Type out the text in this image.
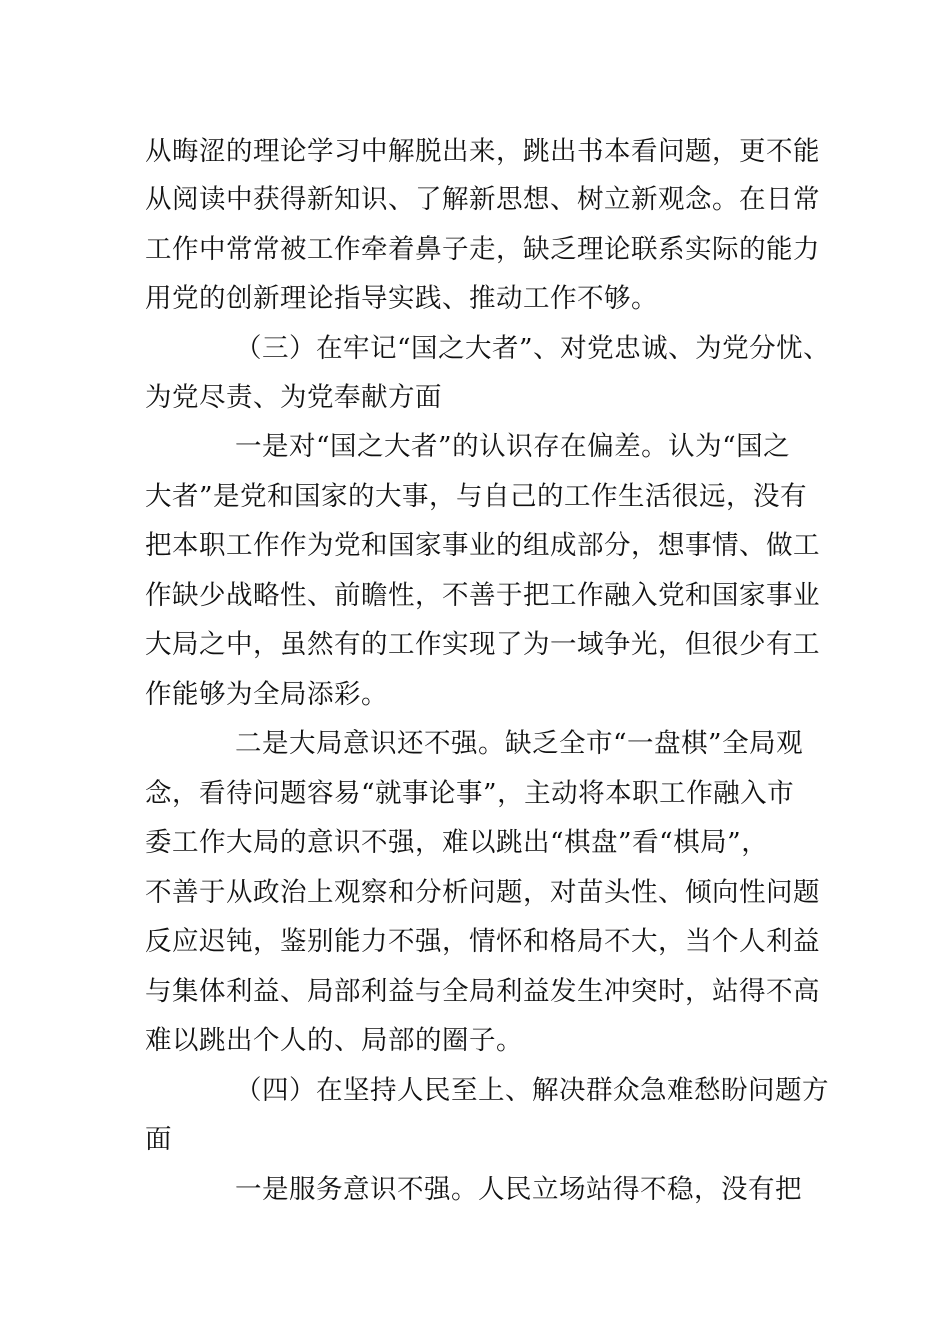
从晦涩的理论学习中解脱出来，跳出书本看问题，更不能
从阅读中获得新知识、了解新思想、树立新观念。在日常
工作中常常被工作牵着鼻子走，缺乏理论联系实际的能力
用党的创新理论指导实践、推动工作不够。
（三）在牢记“国之大者”、对党忠诚、为党分忧、
为党尽责、为党奉献方面
一是对“国之大者”的认识存在偏差。认为“国之
大者”是党和国家的大事，与自己的工作生活很远，没有
把本职工作作为党和国家事业的组成部分，想事情、做工
作缺少战略性、前瞻性，不善于把工作融入党和国家事业
大局之中，虽然有的工作实现了为一域争光，但很少有工
作能够为全局添彩。
二是大局意识还不强。缺乏全市“一盘棋”全局观
念，看待问题容易“就事论事”，主动将本职工作融入市
委工作大局的意识不强，难以跳出“棋盘”看“棋局”，
不善于从政治上观察和分析问题，对苗头性、倾向性问题
反应迟钝，鉴别能力不强，情怀和格局不大，当个人利益
与集体利益、局部利益与全局利益发生冲突时，站得不高
难以跳出个人的、局部的圈子。
（四）在坚持人民至上、解决群众急难愁盼问题方
面
一是服务意识不强。人民立场站得不稳，没有把
